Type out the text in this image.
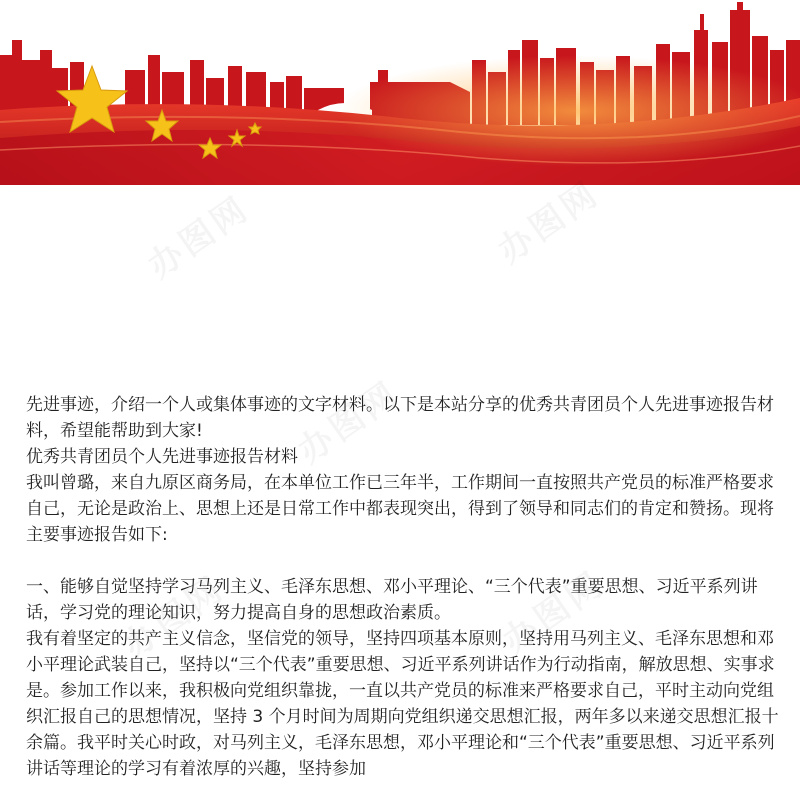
先进事迹，介绍一个人或集体事迹的文字材料。以下是本站分享的优秀共青团员个人先进事迹报告材料，希望能帮助到大家!

优秀共青团员个人先进事迹报告材料

我叫曾璐，来自九原区商务局，在本单位工作已三年半，工作期间一直按照共产党员的标准严格要求自己，无论是政治上、思想上还是日常工作中都表现突出，得到了领导和同志们的肯定和赞扬。现将主要事迹报告如下:

一、能够自觉坚持学习马列主义、毛泽东思想、邓小平理论、“三个代表”重要思想、习近平系列讲话，学习党的理论知识，努力提高自身的思想政治素质。

我有着坚定的共产主义信念，坚信党的领导，坚持四项基本原则，坚持用马列主义、毛泽东思想和邓小平理论武装自己，坚持以“三个代表”重要思想、习近平系列讲话作为行动指南，解放思想、实事求是。参加工作以来，我积极向党组织靠拢，一直以共产党员的标准来严格要求自己，平时主动向党组织汇报自己的思想情况，坚持 3 个月时间为周期向党组织递交思想汇报，两年多以来递交思想汇报十余篇。我平时关心时政，对马列主义，毛泽东思想，邓小平理论和“三个代表”重要思想、习近平系列讲话等理论的学习有着浓厚的兴趣，坚持参加
